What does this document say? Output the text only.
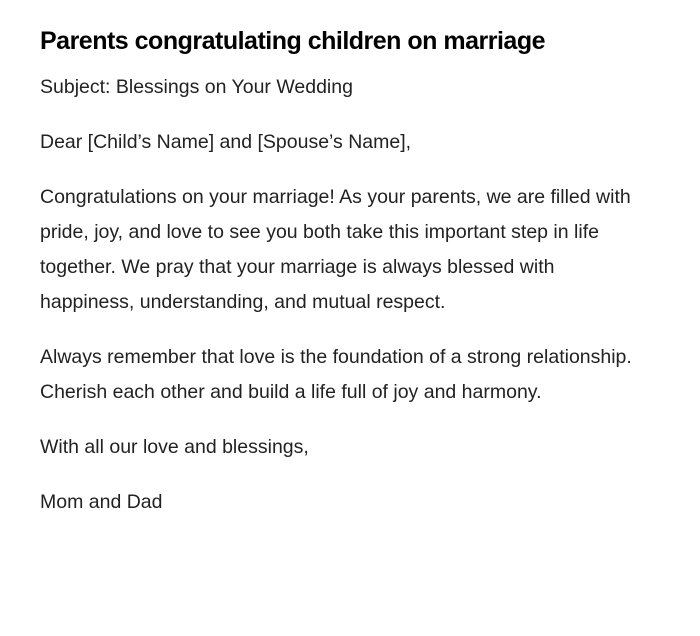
Parents congratulating children on marriage

Subject: Blessings on Your Wedding

Dear [Child’s Name] and [Spouse’s Name],

Congratulations on your marriage! As your parents, we are filled with pride, joy, and love to see you both take this important step in life together. We pray that your marriage is always blessed with happiness, understanding, and mutual respect.

Always remember that love is the foundation of a strong relationship. Cherish each other and build a life full of joy and harmony.

With all our love and blessings,

Mom and Dad
